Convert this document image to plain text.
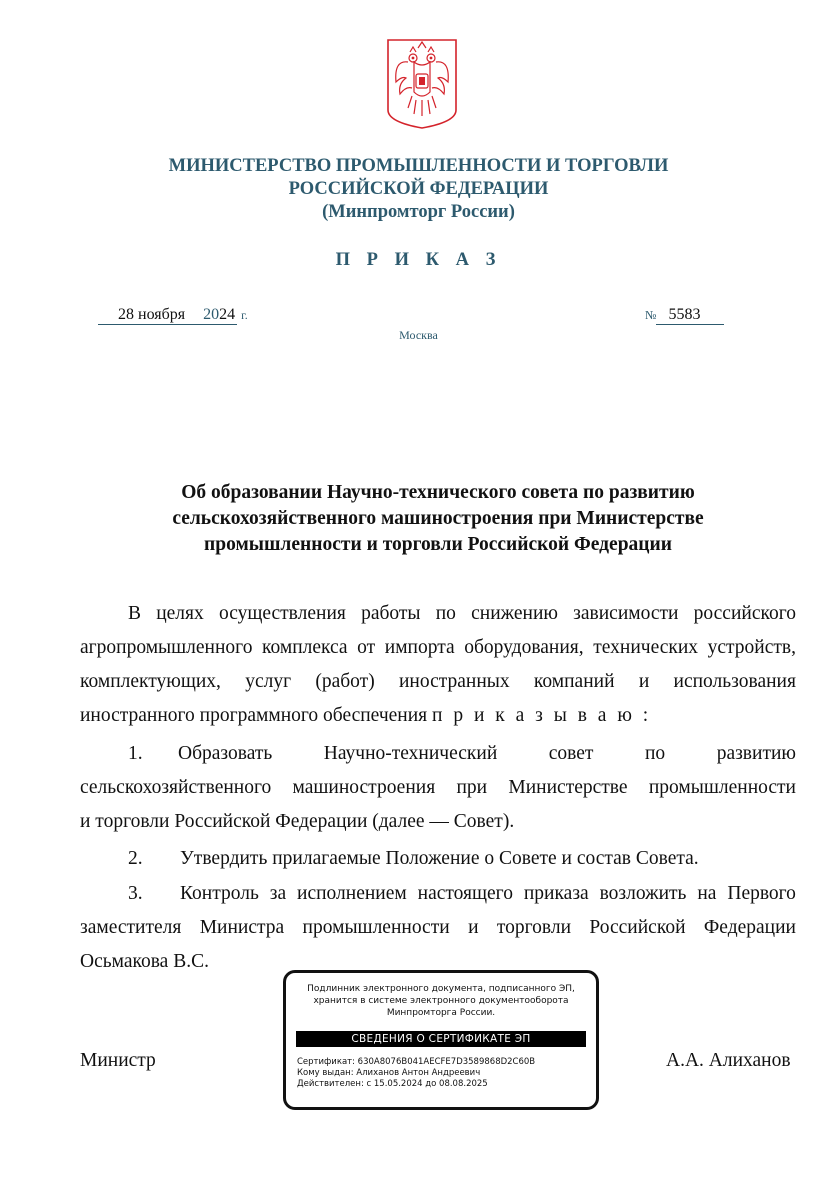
МИНИСТЕРСТВО ПРОМЫШЛЕННОСТИ И ТОРГОВЛИ
РОССИЙСКОЙ ФЕДЕРАЦИИ
(Минпромторг России)
П Р И К А З
28 ноября 2024 г.	№ 5583
Москва
Об образовании Научно-технического совета по развитию
сельскохозяйственного машиностроения при Министерстве
промышленности и торговли Российской Федерации
В целях осуществления работы по снижению зависимости российского
агропромышленного комплекса от импорта оборудования, технических устройств,
комплектующих, услуг (работ) иностранных компаний и использования
иностранного программного обеспечения п р и к а з ы в а ю :
1.	Образовать	Научно-технический	совет	по	развитию
сельскохозяйственного машиностроения при Министерстве промышленности
и торговли Российской Федерации (далее — Совет).
2. Утвердить прилагаемые Положение о Совете и состав Совета.
3.	Контроль за исполнением настоящего приказа возложить на Первого
заместителя Министра промышленности и торговли Российской Федерации
Осьмакова В.С.
Подлинник электронного документа, подписанного ЭП,
хранится в системе электронного документооборота
Минпромторга России.
СВЕДЕНИЯ О СЕРТИФИКАТЕ ЭП
Сертификат: 630A8076B041AECFE7D3589868D2C60B
Кому выдан: Алиханов Антон Андреевич
Действителен: с 15.05.2024 до 08.08.2025
Министр	А.А. Алиханов
